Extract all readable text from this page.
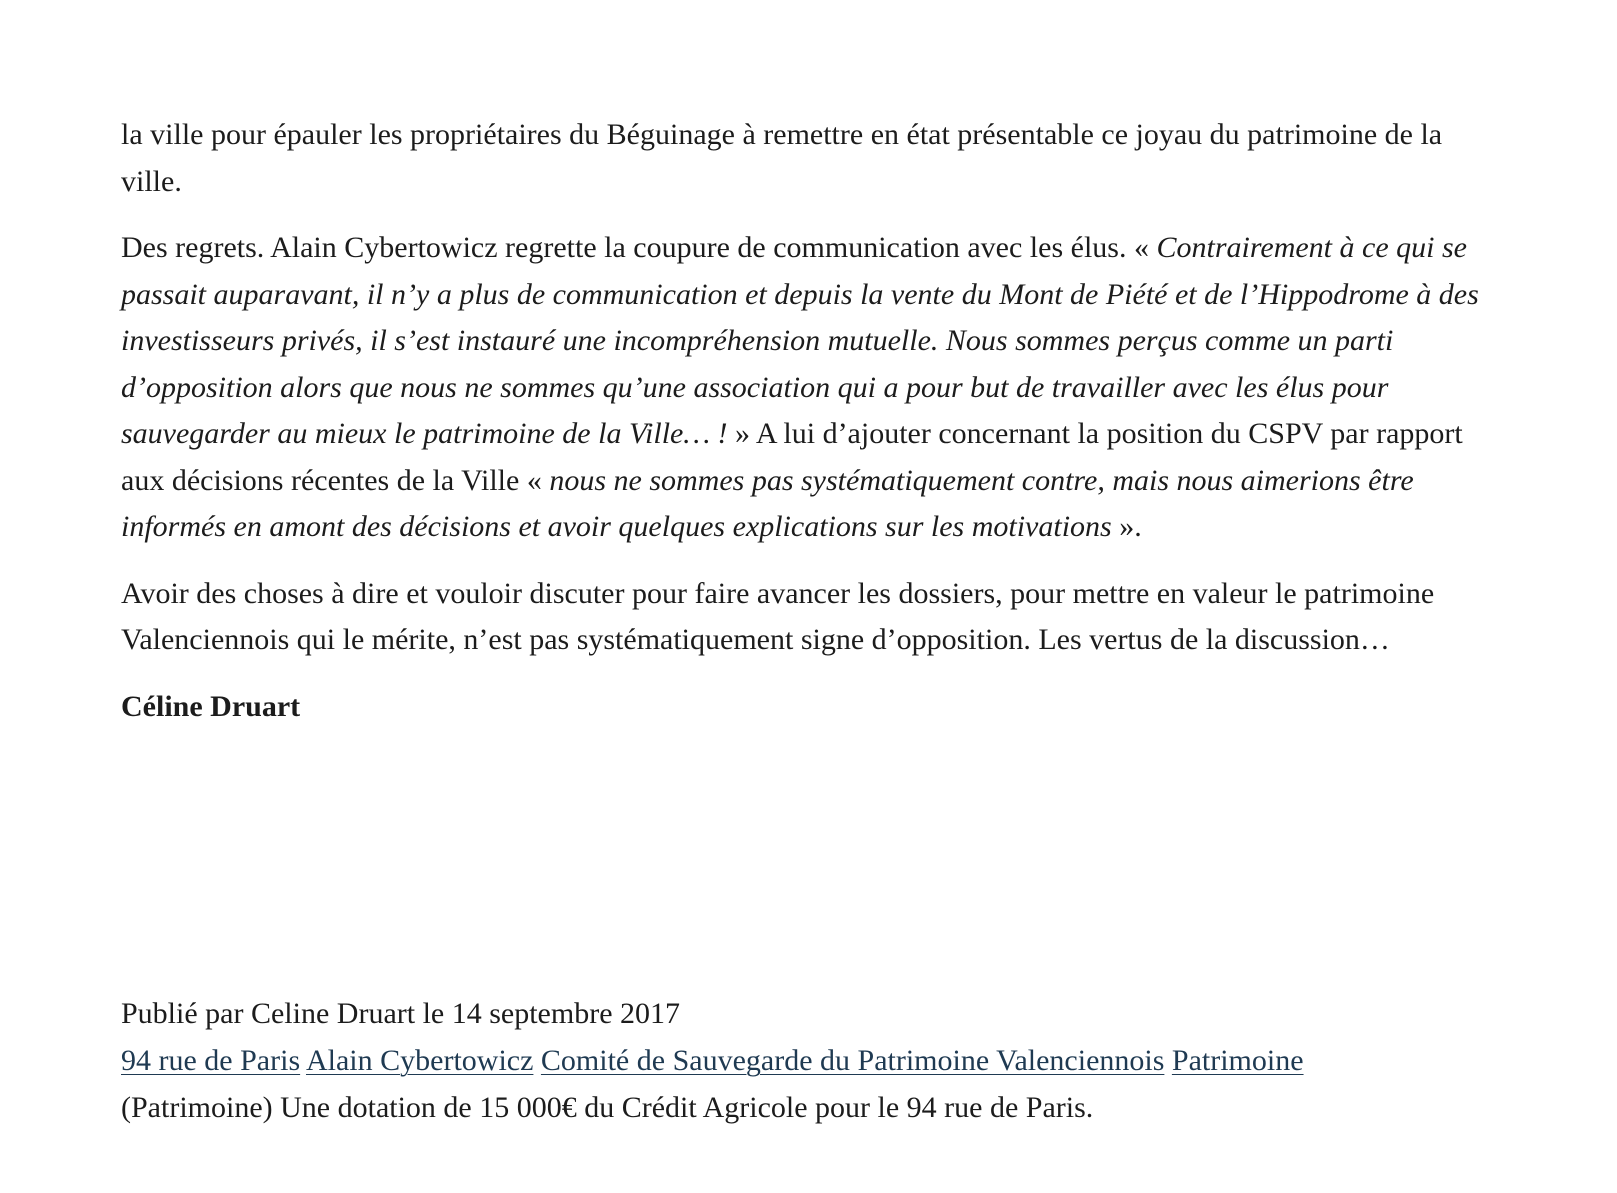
la ville pour épauler les propriétaires du Béguinage à remettre en état présentable ce joyau du patrimoine de la ville.

Des regrets. Alain Cybertowicz regrette la coupure de communication avec les élus. « Contrairement à ce qui se passait auparavant, il n’y a plus de communication et depuis la vente du Mont de Piété et de l’Hippodrome à des investisseurs privés, il s’est instauré une incompréhension mutuelle. Nous sommes perçus comme un parti d’opposition alors que nous ne sommes qu’une association qui a pour but de travailler avec les élus pour sauvegarder au mieux le patrimoine de la Ville… ! » A lui d’ajouter concernant la position du CSPV par rapport aux décisions récentes de la Ville « nous ne sommes pas systématiquement contre, mais nous aimerions être informés en amont des décisions et avoir quelques explications sur les motivations ».

Avoir des choses à dire et vouloir discuter pour faire avancer les dossiers, pour mettre en valeur le patrimoine Valenciennois qui le mérite, n’est pas systématiquement signe d’opposition. Les vertus de la discussion…

Céline Druart

Publié par Celine Druart le 14 septembre 2017
94 rue de Paris Alain Cybertowicz Comité de Sauvegarde du Patrimoine Valenciennois Patrimoine
(Patrimoine) Une dotation de 15 000€ du Crédit Agricole pour le 94 rue de Paris.
